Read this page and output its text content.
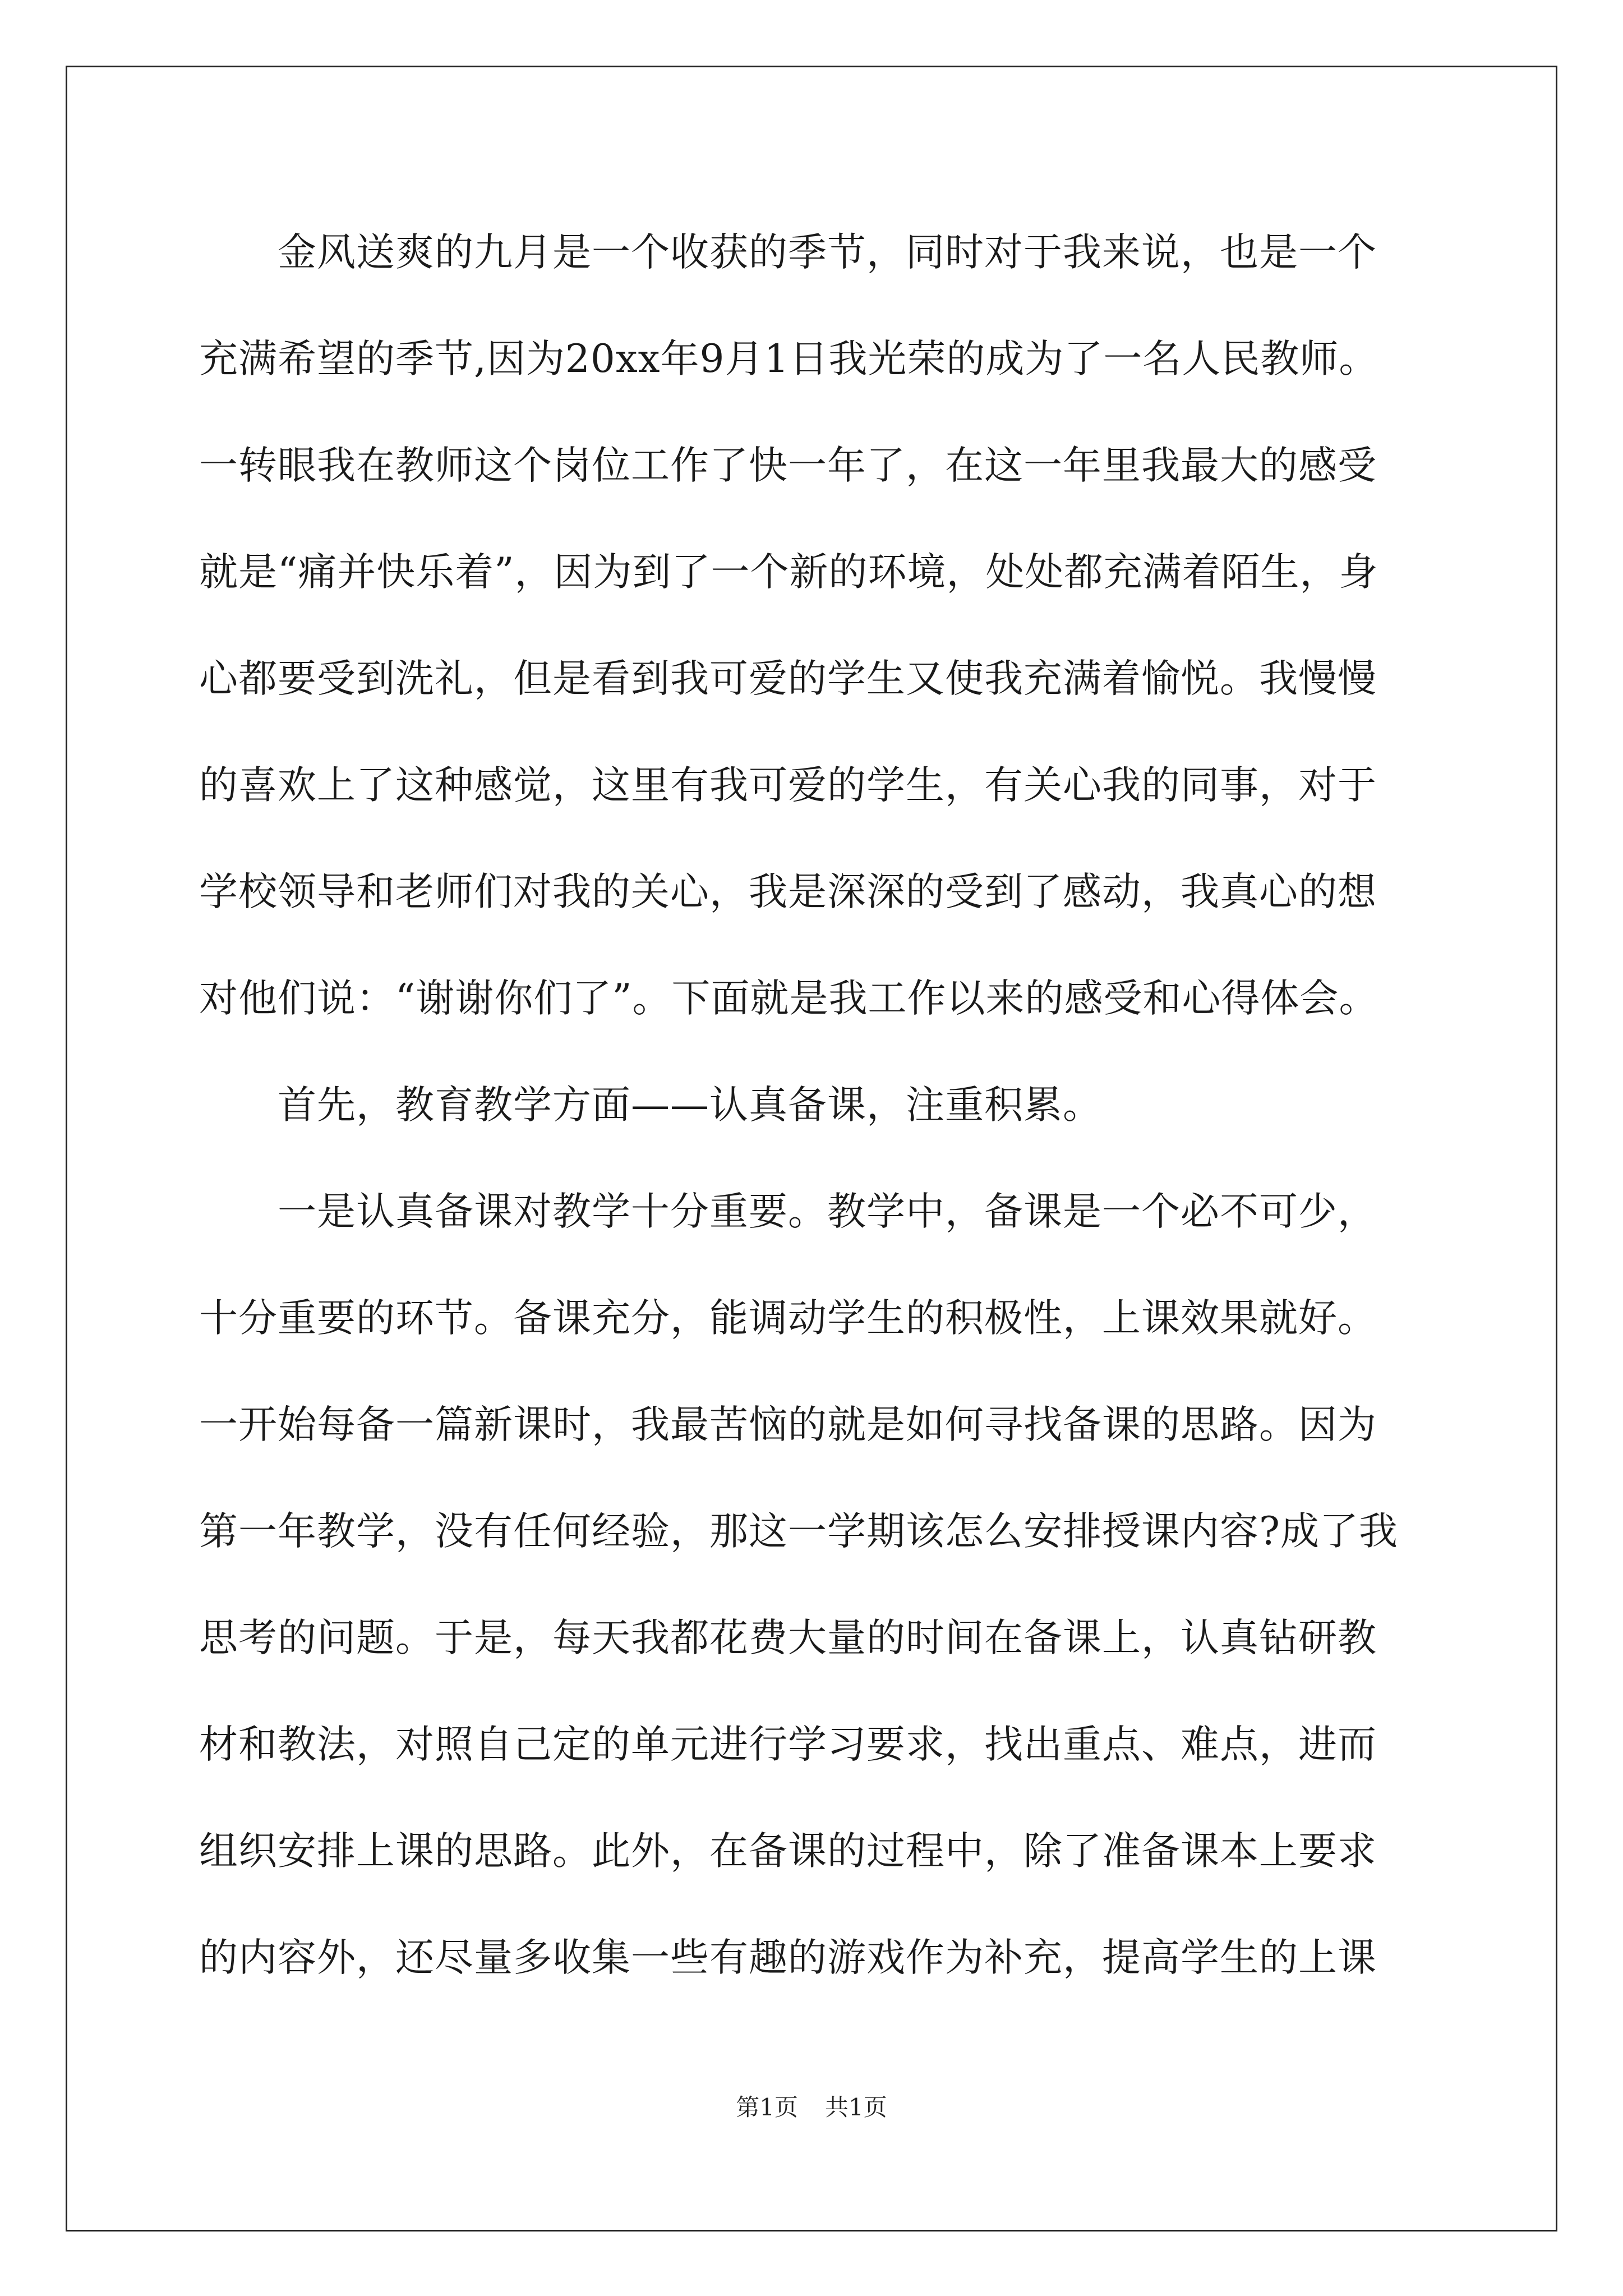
　　金风送爽的九月是一个收获的季节，同时对于我来说，也是一个
充满希望的季节,因为20xx年9月1日我光荣的成为了一名人民教师。
一转眼我在教师这个岗位工作了快一年了，在这一年里我最大的感受
就是“痛并快乐着”，因为到了一个新的环境，处处都充满着陌生，身
心都要受到洗礼，但是看到我可爱的学生又使我充满着愉悦。我慢慢
的喜欢上了这种感觉，这里有我可爱的学生，有关心我的同事，对于
学校领导和老师们对我的关心，我是深深的受到了感动，我真心的想
对他们说：“谢谢你们了”。下面就是我工作以来的感受和心得体会。
　　首先，教育教学方面——认真备课，注重积累。
　　一是认真备课对教学十分重要。教学中，备课是一个必不可少，
十分重要的环节。备课充分，能调动学生的积极性，上课效果就好。
一开始每备一篇新课时，我最苦恼的就是如何寻找备课的思路。因为
第一年教学，没有任何经验，那这一学期该怎么安排授课内容?成了我
思考的问题。于是，每天我都花费大量的时间在备课上，认真钻研教
材和教法，对照自己定的单元进行学习要求，找出重点、难点，进而
组织安排上课的思路。此外，在备课的过程中，除了准备课本上要求
的内容外，还尽量多收集一些有趣的游戏作为补充，提高学生的上课
第1页 共1页
